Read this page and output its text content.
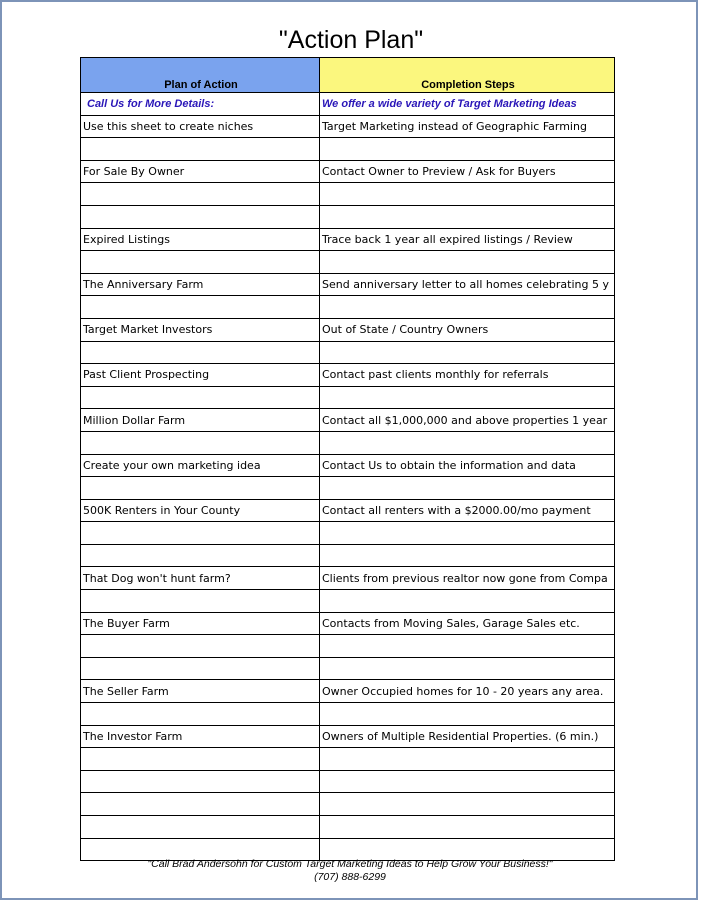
"Action Plan"
Plan of Action	Completion Steps
Call Us for More Details:	We offer a wide variety of Target Marketing Ideas
Use this sheet to create niches	Target Marketing instead of Geographic Farming

For Sale By Owner	Contact Owner to Preview / Ask for Buyers

Expired Listings	Trace back 1 year all expired listings / Review

The Anniversary Farm	Send anniversary letter to all homes celebrating 5 y

Target Market Investors	Out of State / Country Owners

Past Client Prospecting	Contact past clients monthly for referrals

Million Dollar Farm	Contact all $1,000,000 and above properties 1 year

Create your own marketing idea	Contact Us to obtain the information and data

500K Renters in Your County	Contact all renters with a $2000.00/mo payment

That Dog won't hunt farm?	Clients from previous realtor now gone from Compa

The Buyer Farm	Contacts from Moving Sales, Garage Sales etc.

The Seller Farm	Owner Occupied homes for 10 - 20 years any area.

The Investor Farm	Owners of Multiple Residential Properties. (6 min.)

"Call Brad Andersohn for Custom Target Marketing Ideas to Help Grow Your Business!"
(707) 888-6299
